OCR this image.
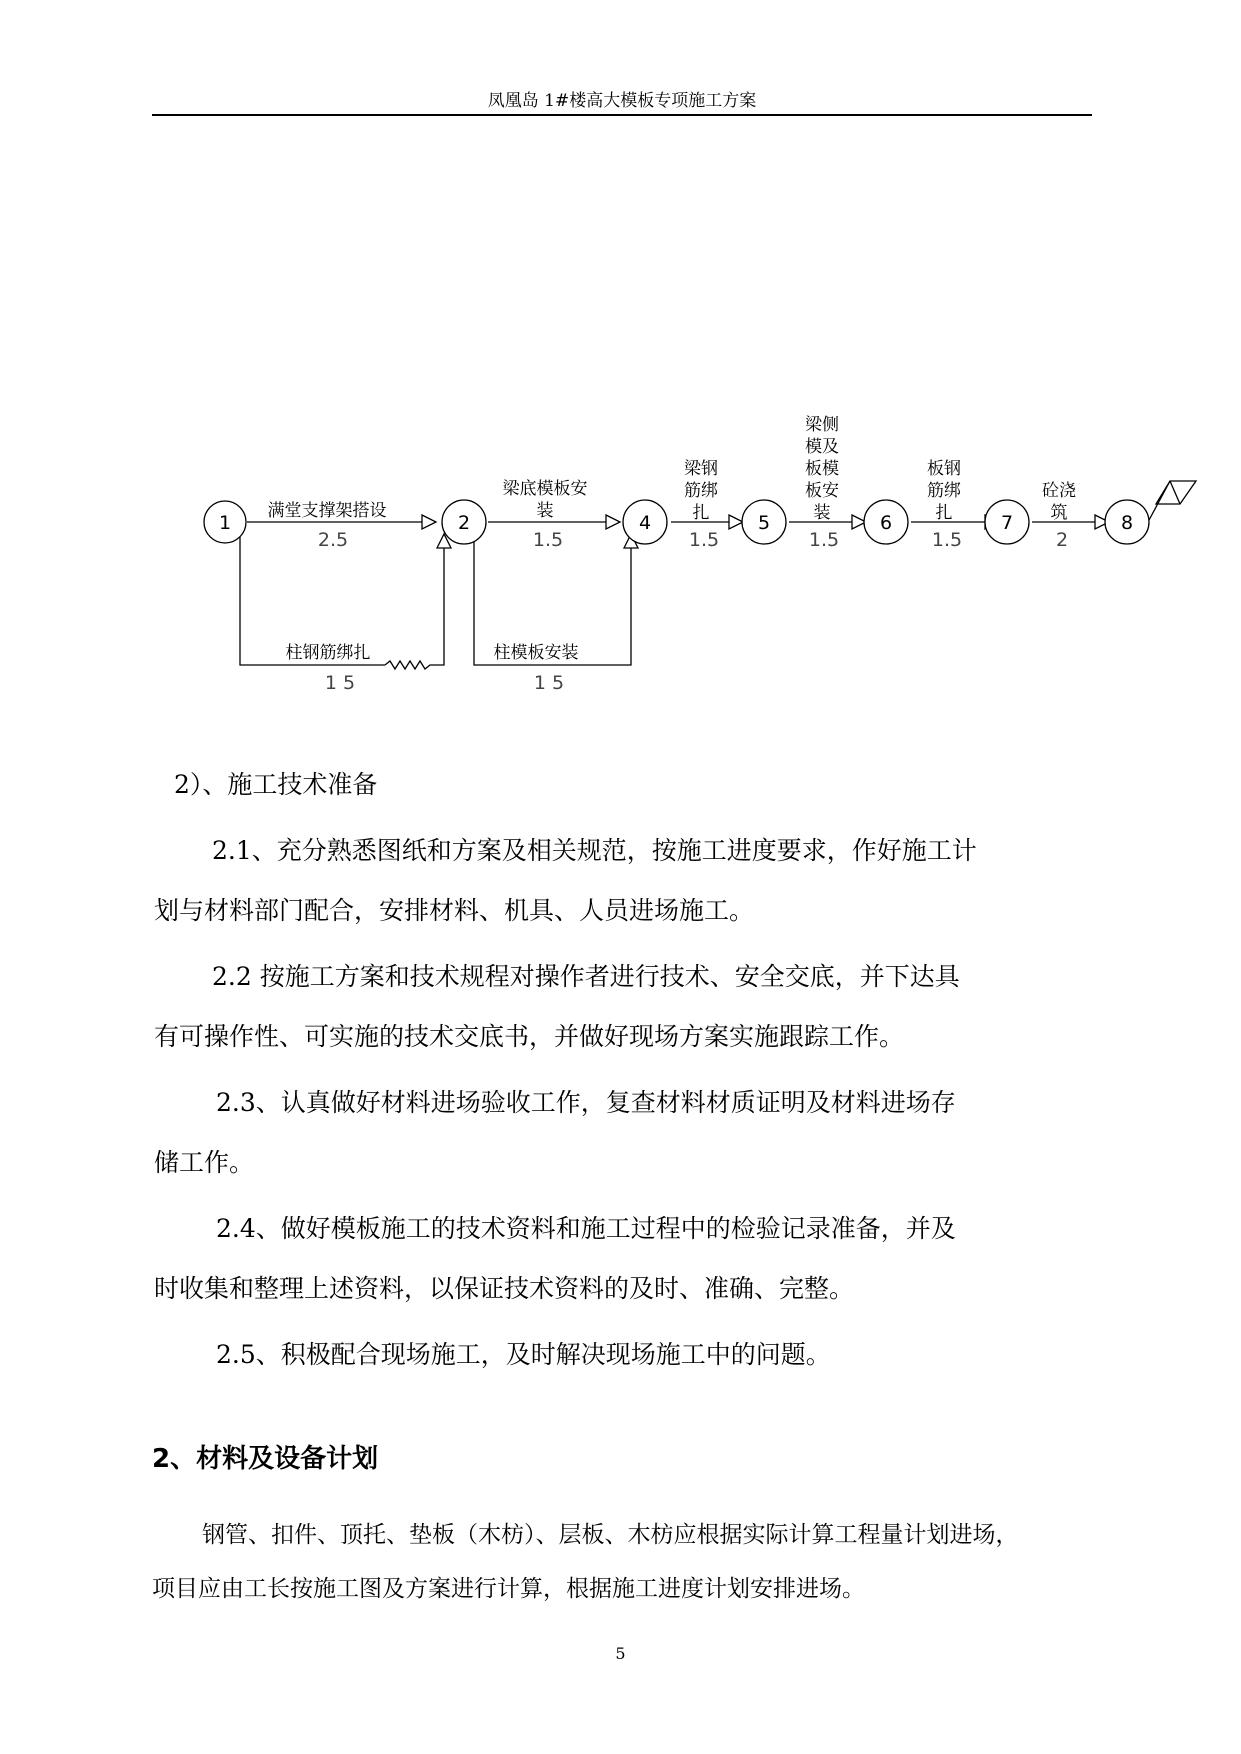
凤凰岛 1#楼高大模板专项施工方案
1	2	4	5	6	7	8
满堂支撑架搭设
2.5
梁底模板安
装
1.5
梁钢
筋绑
扎
1.5
梁侧
模及
板模
板安
装
1.5
板钢
筋绑
扎
1.5
砼浇
筑
2
柱钢筋绑扎
1 5
柱模板安装
1 5
2）、施工技术准备
2.1、充分熟悉图纸和方案及相关规范，按施工进度要求，作好施工计
划与材料部门配合，安排材料、机具、人员进场施工。
2.2 按施工方案和技术规程对操作者进行技术、安全交底，并下达具
有可操作性、可实施的技术交底书，并做好现场方案实施跟踪工作。
2.3、认真做好材料进场验收工作，复查材料材质证明及材料进场存
储工作。
2.4、做好模板施工的技术资料和施工过程中的检验记录准备，并及
时收集和整理上述资料，以保证技术资料的及时、准确、完整。
2.5、积极配合现场施工，及时解决现场施工中的问题。
2、材料及设备计划
钢管、扣件、顶托、垫板（木枋）、层板、木枋应根据实际计算工程量计划进场，
项目应由工长按施工图及方案进行计算，根据施工进度计划安排进场。
5
